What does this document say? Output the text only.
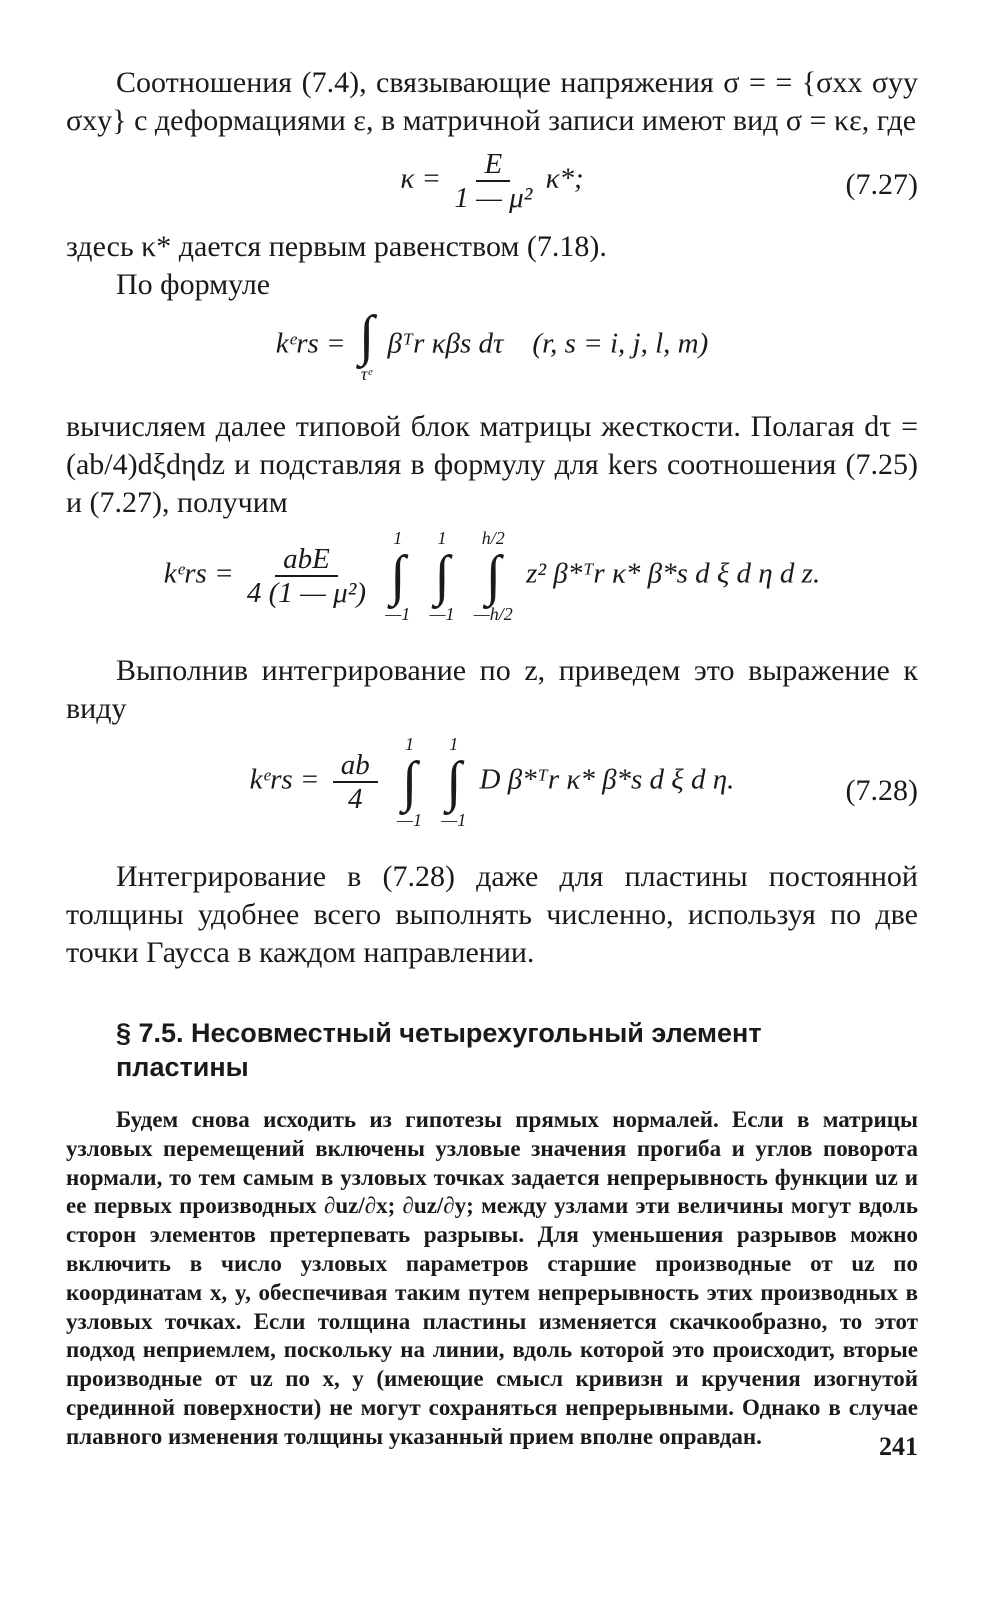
Соотношения (7.4), связывающие напряжения σ = = {σxx σyy σxy} с деформациями ε, в матричной записи имеют вид σ = κε, где

$\kappa = \frac{E}{\text{1 — μ²}} \kappa*$;	(7.27)

здесь κ* дается первым равенством (7.18).

По формуле

kᵉrs = ∫
τᵉ
βᵀr κβs dτ (r, s = i, j, l, m)

вычисляем далее типовой блок матрицы жесткости. Полагая dτ = (ab/4)dξdηdz и подставляя в формулу для kers соотношения (7.25) и (7.27), получим

kᵉrs = $\frac{\text{abE}}{\text{4 (1 — μ²)}}$

1
∫
—1

1
∫
—1

h/2
∫
—h/2
z² β*ᵀr κ* β*s d ξ d η d z.

Выполнив интегрирование по z, приведем это выражение к виду

kᵉrs = $\frac{ab}{4}$

1
∫
—1

1
∫
—1
D β*ᵀr κ* β*s d ξ d η.	(7.28)

Интегрирование в (7.28) даже для пластины постоянной толщины удобнее всего выполнять численно, используя по две точки Гаусса в каждом направлении.

§ 7.5. Несовместный четырехугольный элемент
пластины

Будем снова исходить из гипотезы прямых нормалей. Если в матрицы узловых перемещений включены узловые значения прогиба и углов поворота нормали, то тем самым в узловых точках задается непрерывность функции uz и ее первых производных ∂uz/∂x; ∂uz/∂y; между узлами эти величины могут вдоль сторон элементов претерпевать разрывы. Для уменьшения разрывов можно включить в число узловых параметров старшие производные от uz по координатам x, y, обеспечивая таким путем непрерывность этих производных в узловых точках. Если толщина пластины изменяется скачкообразно, то этот подход неприемлем, поскольку на линии, вдоль которой это происходит, вторые производные от uz по x, y (имеющие смысл кривизн и кручения изогнутой срединной поверхности) не могут сохраняться непрерывными. Однако в случае плавного изменения толщины указанный прием вполне оправдан.	241
